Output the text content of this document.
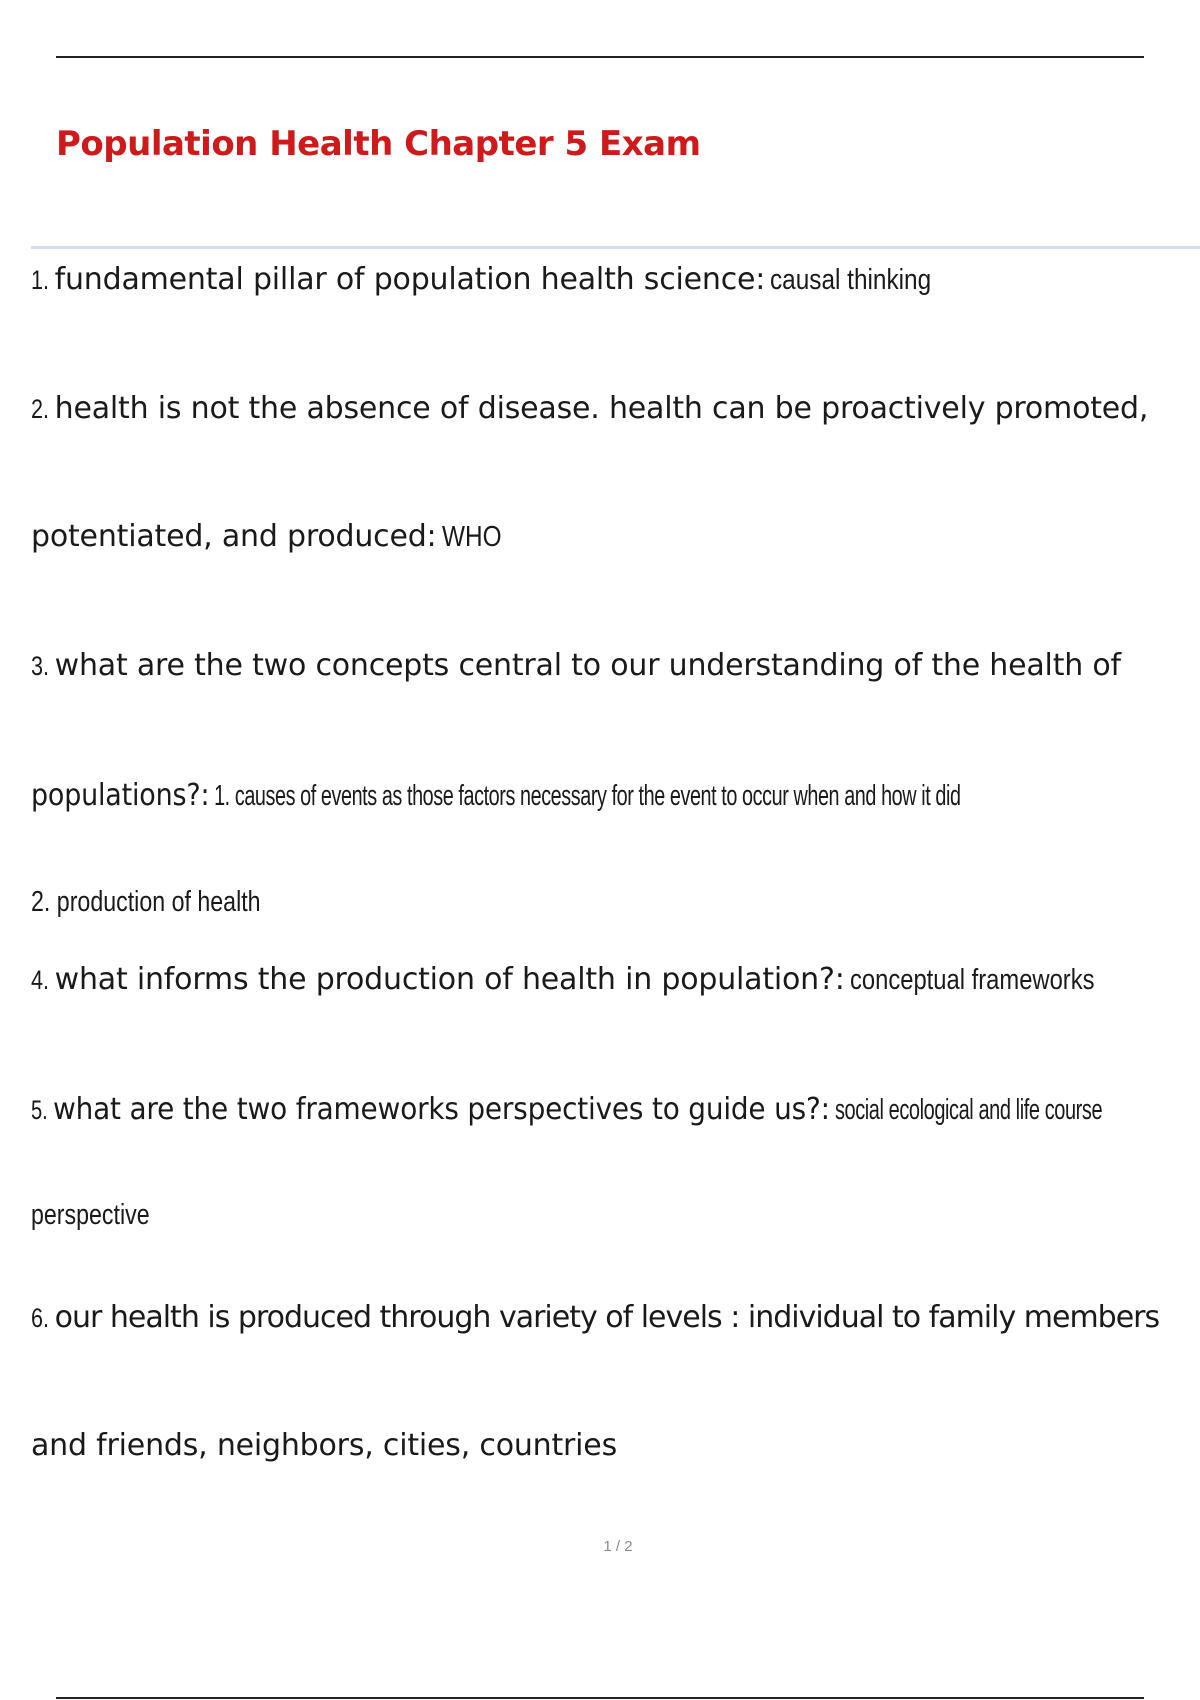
Population Health Chapter 5 Exam
1. fundamental pillar of population health science: causal thinking
2. health is not the absence of disease. health can be proactively promoted,
potentiated, and produced: WHO
3. what are the two concepts central to our understanding of the health of
populations?: 1. causes of events as those factors necessary for the event to occur when and how it did
2. production of health
4. what informs the production of health in population?: conceptual frameworks
5. what are the two frameworks perspectives to guide us?: social ecological and life course
perspective
6. our health is produced through variety of levels : individual to family members
and friends, neighbors, cities, countries
1 / 2
